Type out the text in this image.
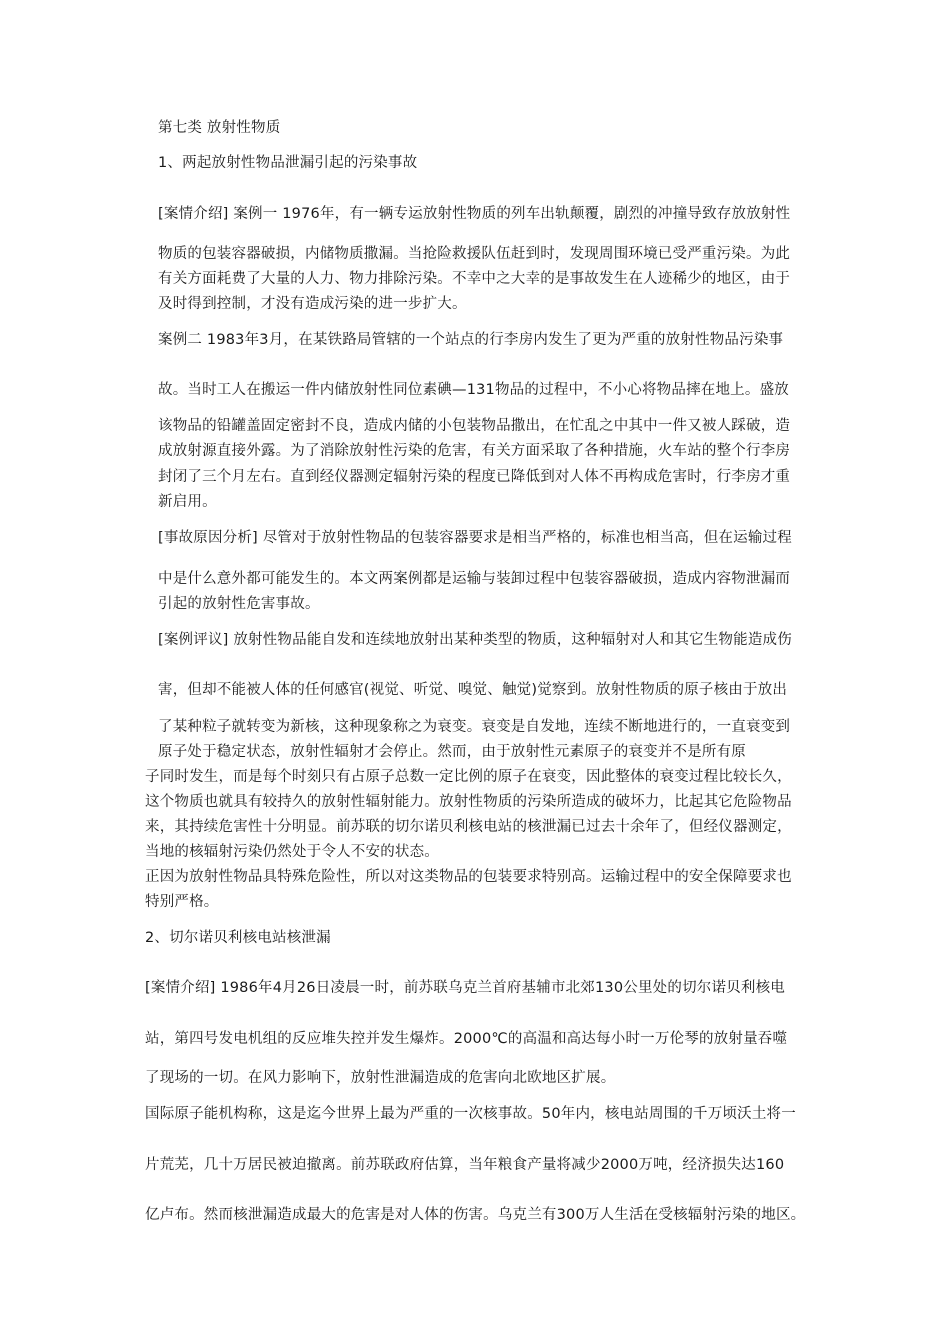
第七类 放射性物质
1、两起放射性物品泄漏引起的污染事故
[案情介绍] 案例一 1976年，有一辆专运放射性物质的列车出轨颠覆，剧烈的冲撞导致存放放射性
物质的包装容器破损，内储物质撒漏。当抢险救援队伍赶到时，发现周围环境已受严重污染。为此
有关方面耗费了大量的人力、物力排除污染。不幸中之大幸的是事故发生在人迹稀少的地区，由于
及时得到控制，才没有造成污染的进一步扩大。
案例二 1983年3月，在某铁路局管辖的一个站点的行李房内发生了更为严重的放射性物品污染事
故。当时工人在搬运一件内储放射性同位素碘—131物品的过程中，不小心将物品摔在地上。盛放
该物品的铅罐盖固定密封不良，造成内储的小包装物品撒出，在忙乱之中其中一件又被人踩破，造
成放射源直接外露。为了消除放射性污染的危害，有关方面采取了各种措施，火车站的整个行李房
封闭了三个月左右。直到经仪器测定辐射污染的程度已降低到对人体不再构成危害时，行李房才重
新启用。
[事故原因分析] 尽管对于放射性物品的包装容器要求是相当严格的，标准也相当高，但在运输过程
中是什么意外都可能发生的。本文两案例都是运输与装卸过程中包装容器破损，造成内容物泄漏而
引起的放射性危害事故。
[案例评议] 放射性物品能自发和连续地放射出某种类型的物质，这种辐射对人和其它生物能造成伤
害，但却不能被人体的任何感官(视觉、听觉、嗅觉、触觉)觉察到。放射性物质的原子核由于放出
了某种粒子就转变为新核，这种现象称之为衰变。衰变是自发地，连续不断地进行的，一直衰变到
原子处于稳定状态，放射性辐射才会停止。然而，由于放射性元素原子的衰变并不是所有原
子同时发生，而是每个时刻只有占原子总数一定比例的原子在衰变，因此整体的衰变过程比较长久，
这个物质也就具有较持久的放射性辐射能力。放射性物质的污染所造成的破坏力，比起其它危险物品
来，其持续危害性十分明显。前苏联的切尔诺贝利核电站的核泄漏已过去十余年了，但经仪器测定，
当地的核辐射污染仍然处于令人不安的状态。
正因为放射性物品具特殊危险性，所以对这类物品的包装要求特别高。运输过程中的安全保障要求也
特别严格。
2、切尔诺贝利核电站核泄漏
[案情介绍] 1986年4月26日凌晨一时，前苏联乌克兰首府基辅市北郊130公里处的切尔诺贝利核电
站，第四号发电机组的反应堆失控并发生爆炸。2000℃的高温和高达每小时一万伦琴的放射量吞噬
了现场的一切。在风力影响下，放射性泄漏造成的危害向北欧地区扩展。
国际原子能机构称，这是迄今世界上最为严重的一次核事故。50年内，核电站周围的千万顷沃土将一
片荒芜，几十万居民被迫撤离。前苏联政府估算，当年粮食产量将减少2000万吨，经济损失达160
亿卢布。然而核泄漏造成最大的危害是对人体的伤害。乌克兰有300万人生活在受核辐射污染的地区。
